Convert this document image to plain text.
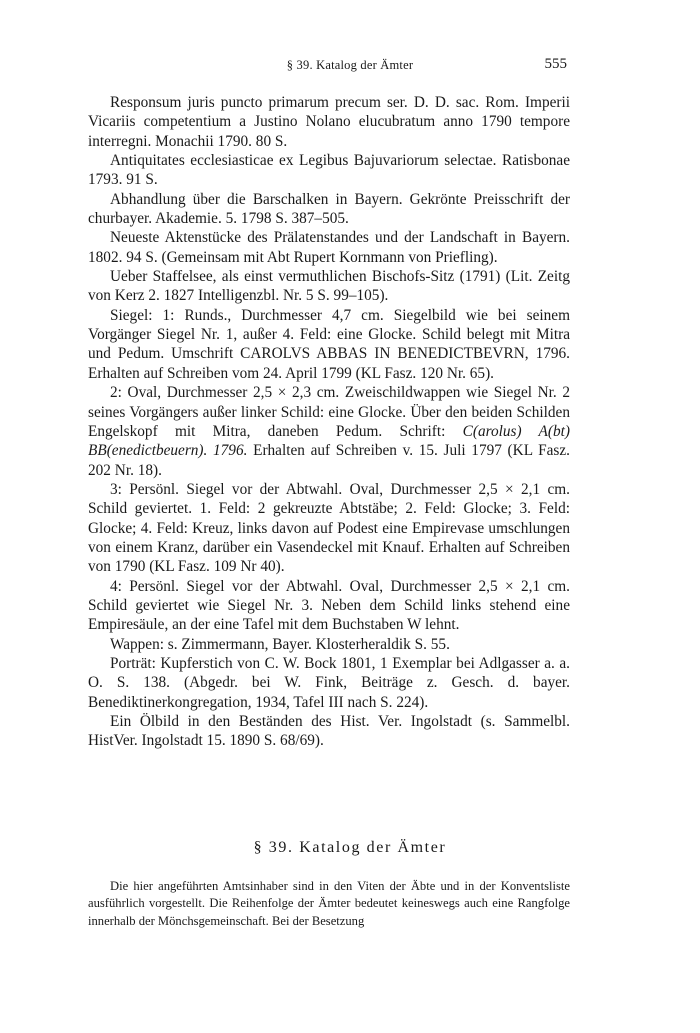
§ 39. Katalog der Ämter	555

Responsum juris puncto primarum precum ser. D. D. sac. Rom. Imperii Vicariis competentium a Justino Nolano elucubratum anno 1790 tempore interregni. Monachii 1790. 80 S.

Antiquitates ecclesiasticae ex Legibus Bajuvariorum selectae. Ratisbonae 1793. 91 S.

Abhandlung über die Barschalken in Bayern. Gekrönte Preisschrift der churbayer. Akademie. 5. 1798 S. 387–505.

Neueste Aktenstücke des Prälatenstandes und der Landschaft in Bayern. 1802. 94 S. (Gemeinsam mit Abt Rupert Kornmann von Priefling).

Ueber Staffelsee, als einst vermuthlichen Bischofs-Sitz (1791) (Lit. Zeitg von Kerz 2. 1827 Intelligenzbl. Nr. 5 S. 99–105).

Siegel: 1: Runds., Durchmesser 4,7 cm. Siegelbild wie bei seinem Vorgänger Siegel Nr. 1, außer 4. Feld: eine Glocke. Schild belegt mit Mitra und Pedum. Umschrift CAROLVS ABBAS IN BENEDICTBEVRN, 1796. Erhalten auf Schreiben vom 24. April 1799 (KL Fasz. 120 Nr. 65).

2: Oval, Durchmesser 2,5 × 2,3 cm. Zweischildwappen wie Siegel Nr. 2 seines Vorgängers außer linker Schild: eine Glocke. Über den beiden Schilden Engelskopf mit Mitra, daneben Pedum. Schrift: C(arolus) A(bt) BB(enedictbeuern). 1796. Erhalten auf Schreiben v. 15. Juli 1797 (KL Fasz. 202 Nr. 18).

3: Persönl. Siegel vor der Abtwahl. Oval, Durchmesser 2,5 × 2,1 cm. Schild geviertet. 1. Feld: 2 gekreuzte Abtstäbe; 2. Feld: Glocke; 3. Feld: Glocke; 4. Feld: Kreuz, links davon auf Podest eine Empirevase umschlungen von einem Kranz, darüber ein Vasendeckel mit Knauf. Erhalten auf Schreiben von 1790 (KL Fasz. 109 Nr 40).

4: Persönl. Siegel vor der Abtwahl. Oval, Durchmesser 2,5 × 2,1 cm. Schild geviertet wie Siegel Nr. 3. Neben dem Schild links stehend eine Empiresäule, an der eine Tafel mit dem Buchstaben W lehnt.

Wappen: s. Zimmermann, Bayer. Klosterheraldik S. 55.

Porträt: Kupferstich von C. W. Bock 1801, 1 Exemplar bei Adlgasser a. a. O. S. 138. (Abgedr. bei W. Fink, Beiträge z. Gesch. d. bayer. Benediktinerkongregation, 1934, Tafel III nach S. 224).

Ein Ölbild in den Beständen des Hist. Ver. Ingolstadt (s. Sammelbl. HistVer. Ingolstadt 15. 1890 S. 68/69).

§ 39. Katalog der Ämter

Die hier angeführten Amtsinhaber sind in den Viten der Äbte und in der Konventsliste ausführlich vorgestellt. Die Reihenfolge der Ämter bedeutet keineswegs auch eine Rangfolge innerhalb der Mönchsgemeinschaft. Bei der Besetzung
